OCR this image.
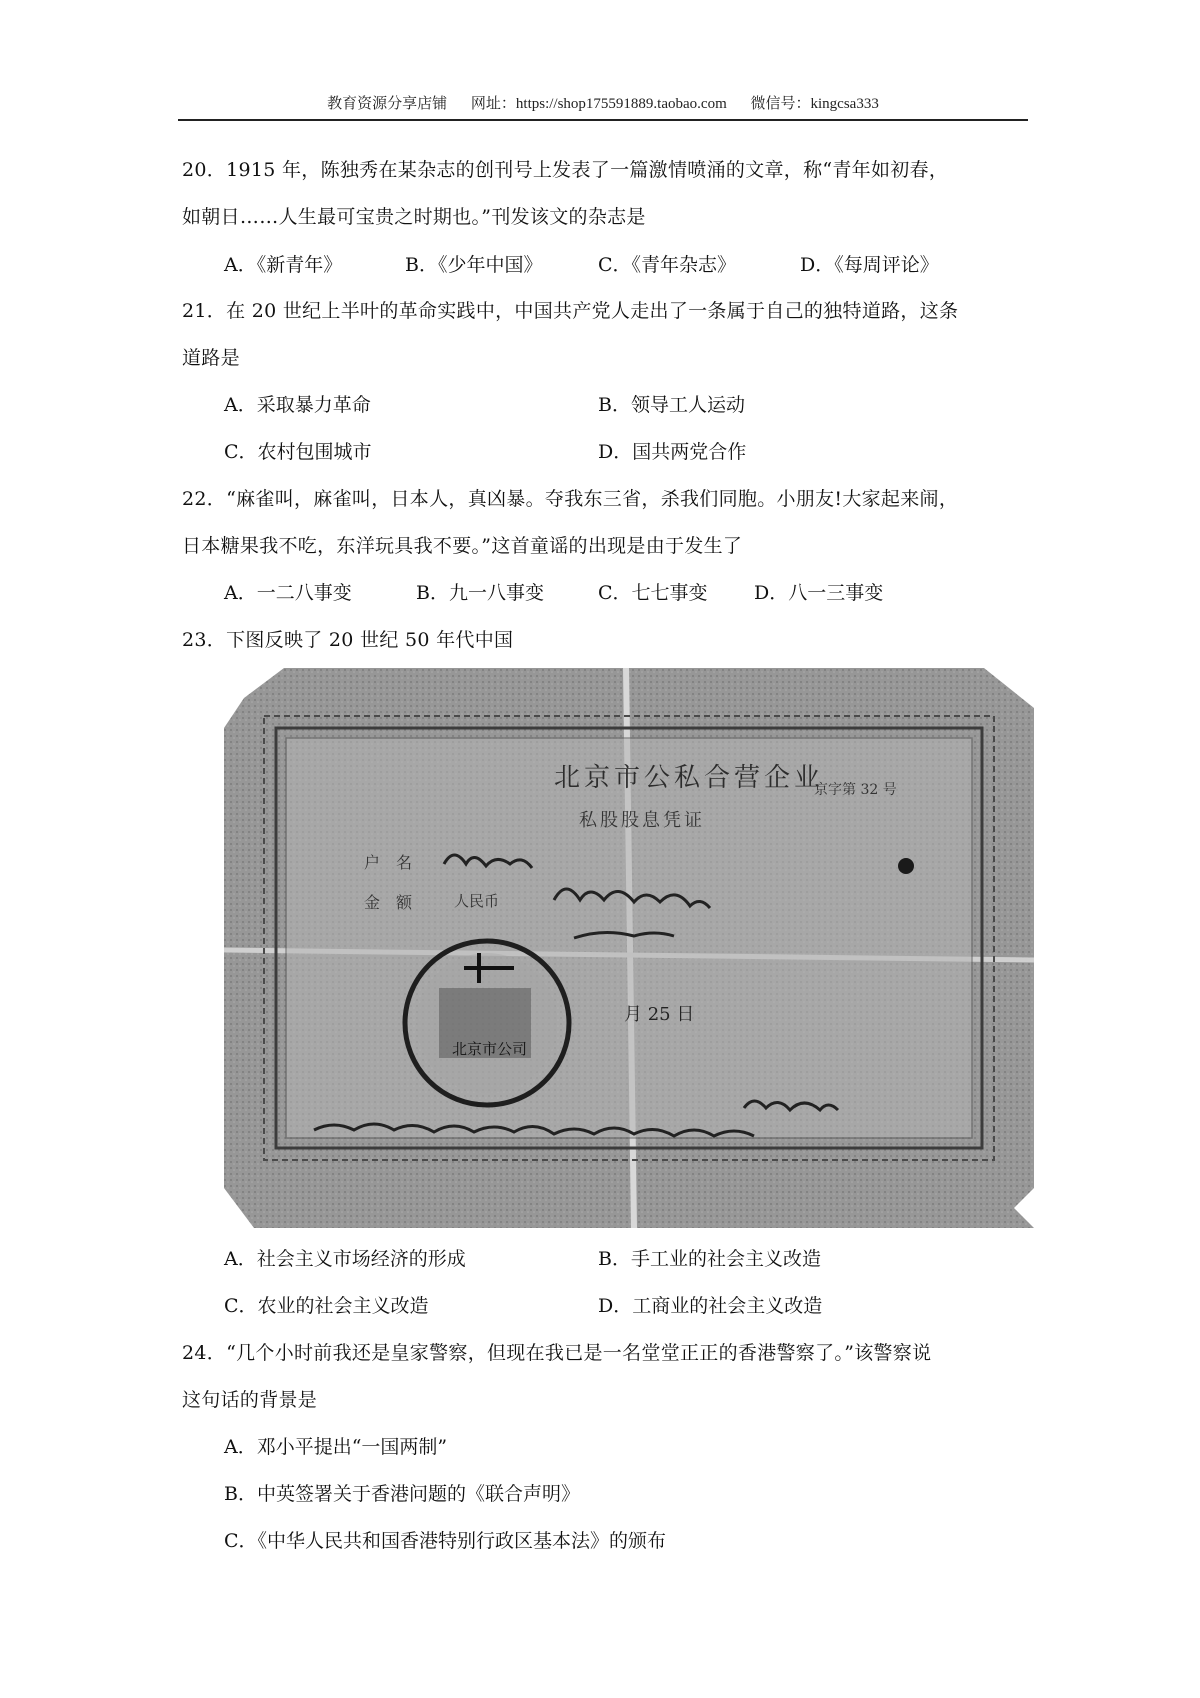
教育资源分享店铺 网址：https://shop175591889.taobao.com 微信号：kingcsa333
20．1915 年，陈独秀在某杂志的创刊号上发表了一篇激情喷涌的文章，称“青年如初春，
如朝日……人生最可宝贵之时期也。”刊发该文的杂志是
A．《新青年》	B．《少年中国》	C．《青年杂志》	D．《每周评论》
21．在 20 世纪上半叶的革命实践中，中国共产党人走出了一条属于自己的独特道路，这条
道路是
A．采取暴力革命	B．领导工人运动
C．农村包围城市	D．国共两党合作
22．“麻雀叫，麻雀叫，日本人，真凶暴。夺我东三省，杀我们同胞。小朋友!大家起来闹，
日本糖果我不吃，东洋玩具我不要。”这首童谣的出现是由于发生了
A．一二八事变	B．九一八事变	C．七七事变 D．八一三事变
23．下图反映了 20 世纪 50 年代中国
北京市公私合营企业
京字第 32 号
私股股息凭证
户　名
金　额	人民币
北京市公司
月 25 日
A．社会主义市场经济的形成	B．手工业的社会主义改造
C．农业的社会主义改造	D．工商业的社会主义改造
24．“几个小时前我还是皇家警察，但现在我已是一名堂堂正正的香港警察了。”该警察说
这句话的背景是
A．邓小平提出“一国两制”
B．中英签署关于香港问题的《联合声明》
C．《中华人民共和国香港特别行政区基本法》的颁布
